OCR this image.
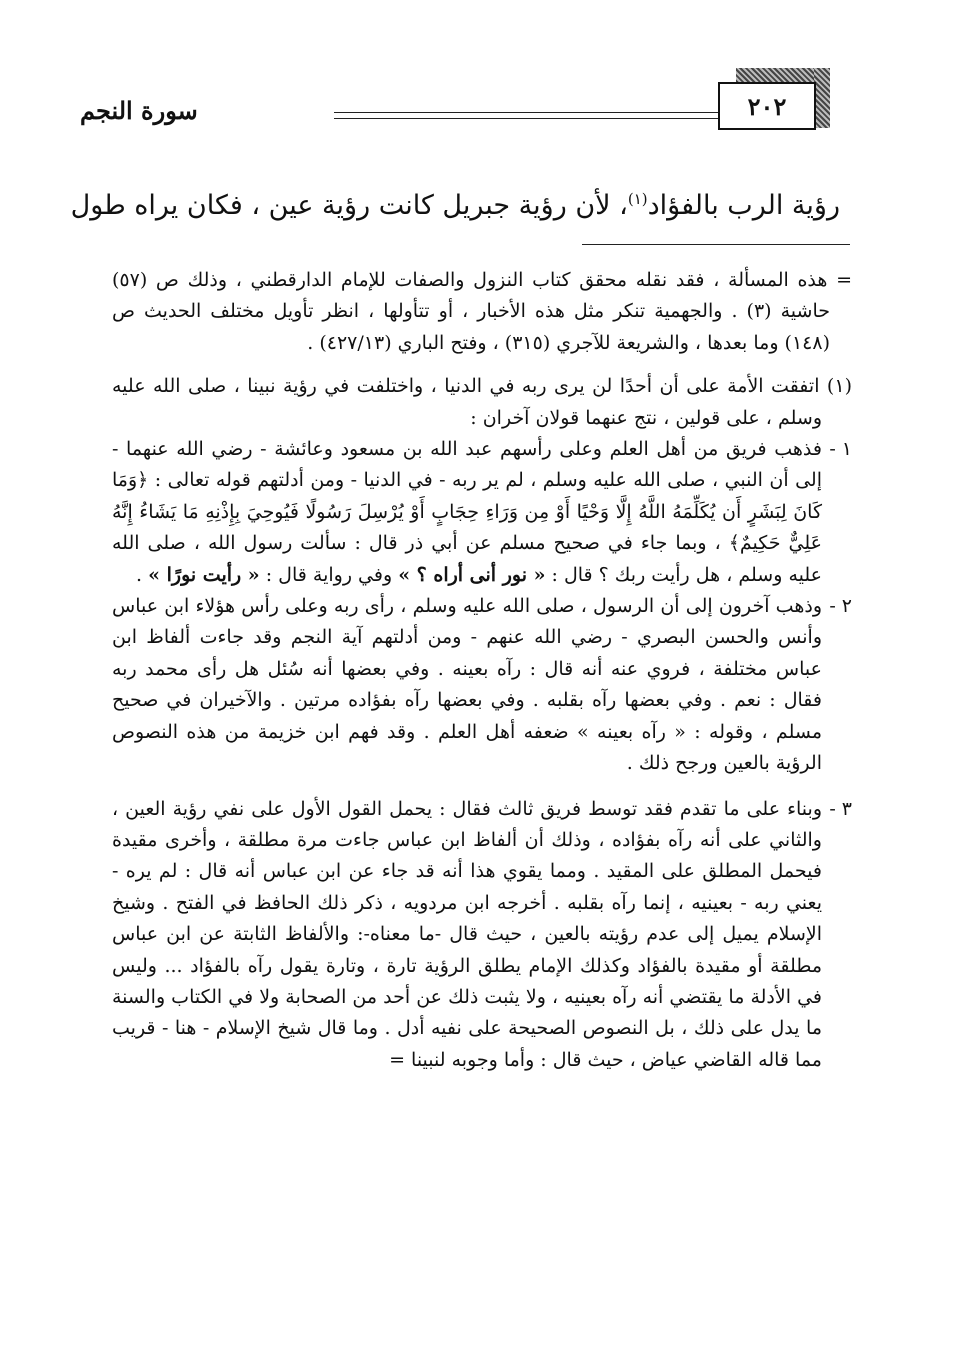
سورة النجم	٢٠٢
رؤية الرب بالفؤاد$^{(١)}$، لأن رؤية جبريل كانت رؤية عين ، فكان يراه طول

= هذه المسألة ، فقد نقله محقق كتاب النزول والصفات للإمام الدارقطني ، وذلك ص (٥٧) حاشية (٣) . والجهمية تنكر مثل هذه الأخبار ، أو تتأولها ، انظر تأويل مختلف الحديث ص (١٤٨) وما بعدها ، والشريعة للآجري (٣١٥) ، وفتح الباري (٤٢٧/١٣) .

(١) اتفقت الأمة على أن أحدًا لن يرى ربه في الدنيا ، واختلفت في رؤية نبينا ، صلى الله عليه وسلم ، على قولين ، نتج عنهما قولان آخران :

١ -

فذهب فريق من أهل العلم وعلى رأسهم عبد الله بن مسعود وعائشة - رضي الله عنهما - إلى أن النبي ، صلى الله عليه وسلم ، لم ير ربه - في الدنيا - ومن أدلتهم قوله تعالى : ﴿وَمَا كَانَ لِبَشَرٍ أَن يُكَلِّمَهُ اللَّهُ إِلَّا وَحْيًا أَوْ مِن وَرَاءِ حِجَابٍ أَوْ يُرْسِلَ رَسُولًا فَيُوحِيَ بِإِذْنِهِ مَا يَشَاءُ إِنَّهُ عَلِيٌّ حَكِيمٌ﴾ ، وبما جاء في صحيح مسلم عن أبي ذر قال : سألت رسول الله ، صلى الله عليه وسلم ، هل رأيت ربك ؟ قال : « نور أنى أراه ؟ » وفي رواية قال : « رأيت نورًا » .

٢ -

وذهب آخرون إلى أن الرسول ، صلى الله عليه وسلم ، رأى ربه وعلى رأس هؤلاء ابن عباس وأنس والحسن البصري - رضي الله عنهم - ومن أدلتهم آية النجم وقد جاءت ألفاظ ابن عباس مختلفة ، فروي عنه أنه قال : رآه بعينه . وفي بعضها أنه سُئل هل رأى محمد ربه فقال : نعم . وفي بعضها رآه بقلبه . وفي بعضها رآه بفؤاده مرتين . والآخيران في صحيح مسلم ، وقوله : « رآه بعينه » ضعفه أهل العلم . وقد فهم ابن خزيمة من هذه النصوص الرؤية بالعين ورجح ذلك .

٣ -

وبناء على ما تقدم فقد توسط فريق ثالث فقال : يحمل القول الأول على نفي رؤية العين ، والثاني على أنه رآه بفؤاده ، وذلك أن ألفاظ ابن عباس جاءت مرة مطلقة ، وأخرى مقيدة فيحمل المطلق على المقيد . ومما يقوي هذا أنه قد جاء عن ابن عباس أنه قال : لم يره - يعني ربه - بعينيه ، إنما رآه بقلبه . أخرجه ابن مردويه ، ذكر ذلك الحافظ في الفتح . وشيخ الإسلام يميل إلى عدم رؤيته بالعين ، حيث قال -ما معناه-: والألفاظ الثابتة عن ابن عباس مطلقة أو مقيدة بالفؤاد وكذلك الإمام يطلق الرؤية تارة ، وتارة يقول رآه بالفؤاد ... وليس في الأدلة ما يقتضي أنه رآه بعينيه ، ولا يثبت ذلك عن أحد من الصحابة ولا في الكتاب والسنة ما يدل على ذلك ، بل النصوص الصحيحة على نفيه أدل . وما قال شيخ الإسلام - هنا - قريب مما قاله القاضي عياض ، حيث قال : وأما وجوبه لنبينا =
